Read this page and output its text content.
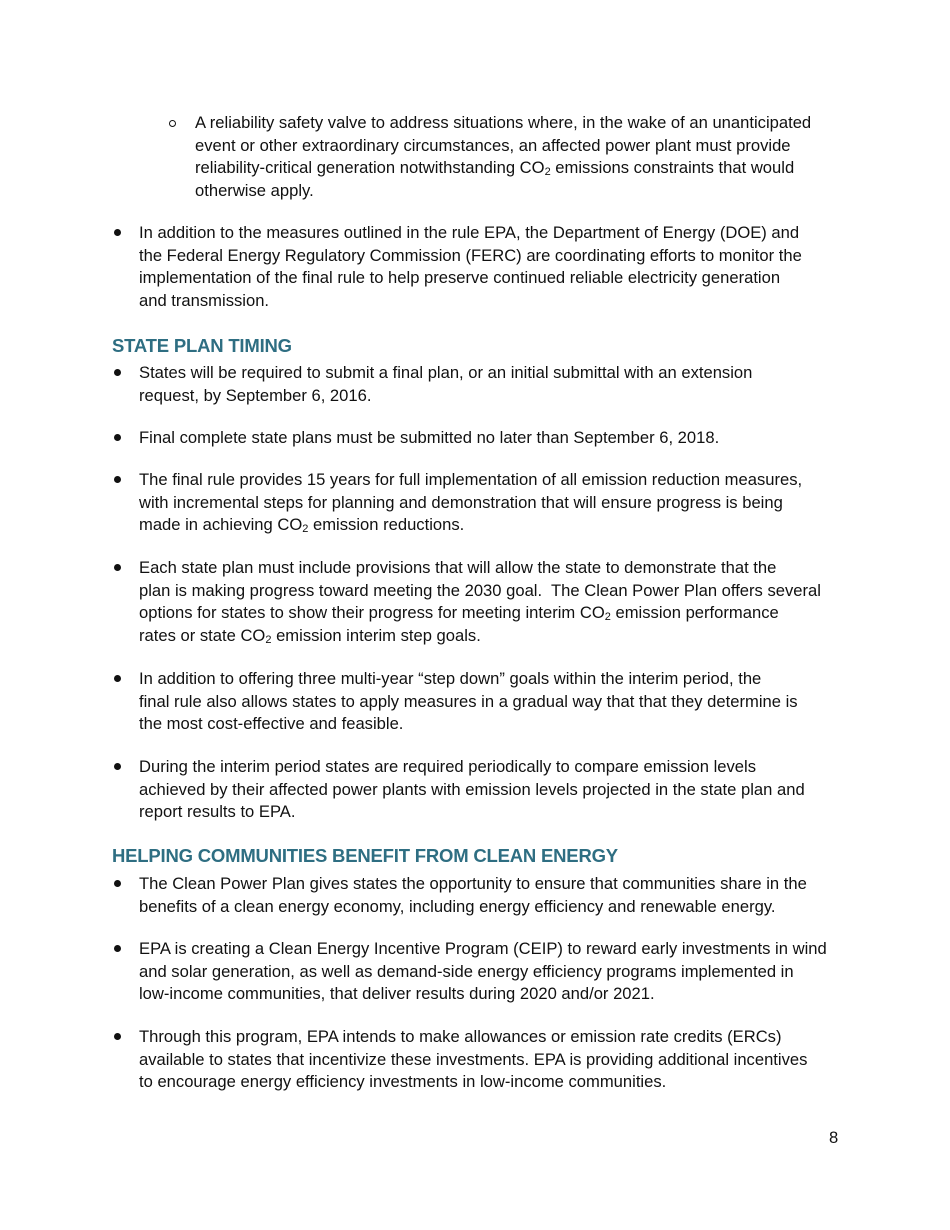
A reliability safety valve to address situations where, in the wake of an unanticipated
event or other extraordinary circumstances, an affected power plant must provide
reliability-critical generation notwithstanding $CO_2$ emissions constraints that would
otherwise apply.

In addition to the measures outlined in the rule EPA, the Department of Energy (DOE) and
the Federal Energy Regulatory Commission (FERC) are coordinating efforts to monitor the
implementation of the final rule to help preserve continued reliable electricity generation
and transmission.

STATE PLAN TIMING

States will be required to submit a final plan, or an initial submittal with an extension
request, by September 6, 2016.

Final complete state plans must be submitted no later than September 6, 2018.

The final rule provides 15 years for full implementation of all emission reduction measures,
with incremental steps for planning and demonstration that will ensure progress is being
made in achieving $CO_2$ emission reductions.

Each state plan must include provisions that will allow the state to demonstrate that the
plan is making progress toward meeting the 2030 goal.  The Clean Power Plan offers several
options for states to show their progress for meeting interim $CO_2$ emission performance
rates or state $CO_2$ emission interim step goals.

In addition to offering three multi-year “step down” goals within the interim period, the
final rule also allows states to apply measures in a gradual way that that they determine is
the most cost-effective and feasible.

During the interim period states are required periodically to compare emission levels
achieved by their affected power plants with emission levels projected in the state plan and
report results to EPA.

HELPING COMMUNITIES BENEFIT FROM CLEAN ENERGY

The Clean Power Plan gives states the opportunity to ensure that communities share in the
benefits of a clean energy economy, including energy efficiency and renewable energy.

EPA is creating a Clean Energy Incentive Program (CEIP) to reward early investments in wind
and solar generation, as well as demand-side energy efficiency programs implemented in
low-income communities, that deliver results during 2020 and/or 2021.

Through this program, EPA intends to make allowances or emission rate credits (ERCs)
available to states that incentivize these investments. EPA is providing additional incentives
to encourage energy efficiency investments in low-income communities.

8
